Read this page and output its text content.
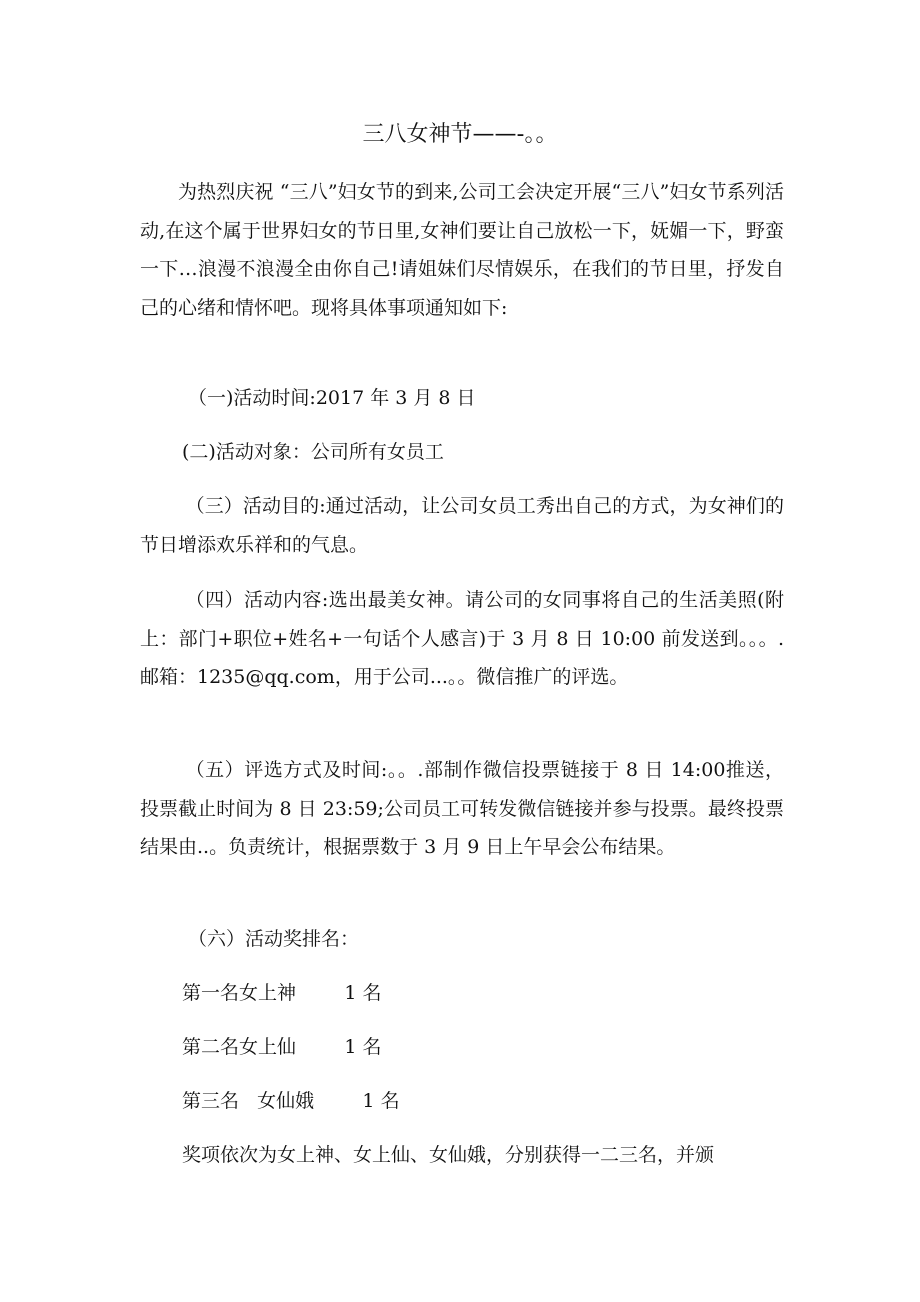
三八女神节——-。。

为热烈庆祝 “三八”妇女节的到来,公司工会决定开展“三八”妇女节系列活动,在这个属于世界妇女的节日里,女神们要让自己放松一下，妩媚一下，野蛮一下…浪漫不浪漫全由你自己!请姐妹们尽情娱乐，在我们的节日里，抒发自己的心绪和情怀吧。现将具体事项通知如下:

（一)活动时间:2017 年 3 月 8 日
(二)活动对象：公司所有女员工

（三）活动目的:通过活动，让公司女员工秀出自己的方式，为女神们的节日增添欢乐祥和的气息。

（四）活动内容:选出最美女神。请公司的女同事将自己的生活美照(附上：部门+职位+姓名+一句话个人感言)于 3 月 8 日 10:00 前发送到。。。.邮箱：1235@qq.com，用于公司...。。微信推广的评选。

（五）评选方式及时间:。。.部制作微信投票链接于 8 日 14:00推送，投票截止时间为 8 日 23:59;公司员工可转发微信链接并参与投票。最终投票结果由..。负责统计，根据票数于 3 月 9 日上午早会公布结果。

（六）活动奖排名：
第一名女上神        1 名
第二名女上仙        1 名
第三名   女仙娥        1 名
奖项依次为女上神、女上仙、女仙娥，分别获得一二三名，并颁
